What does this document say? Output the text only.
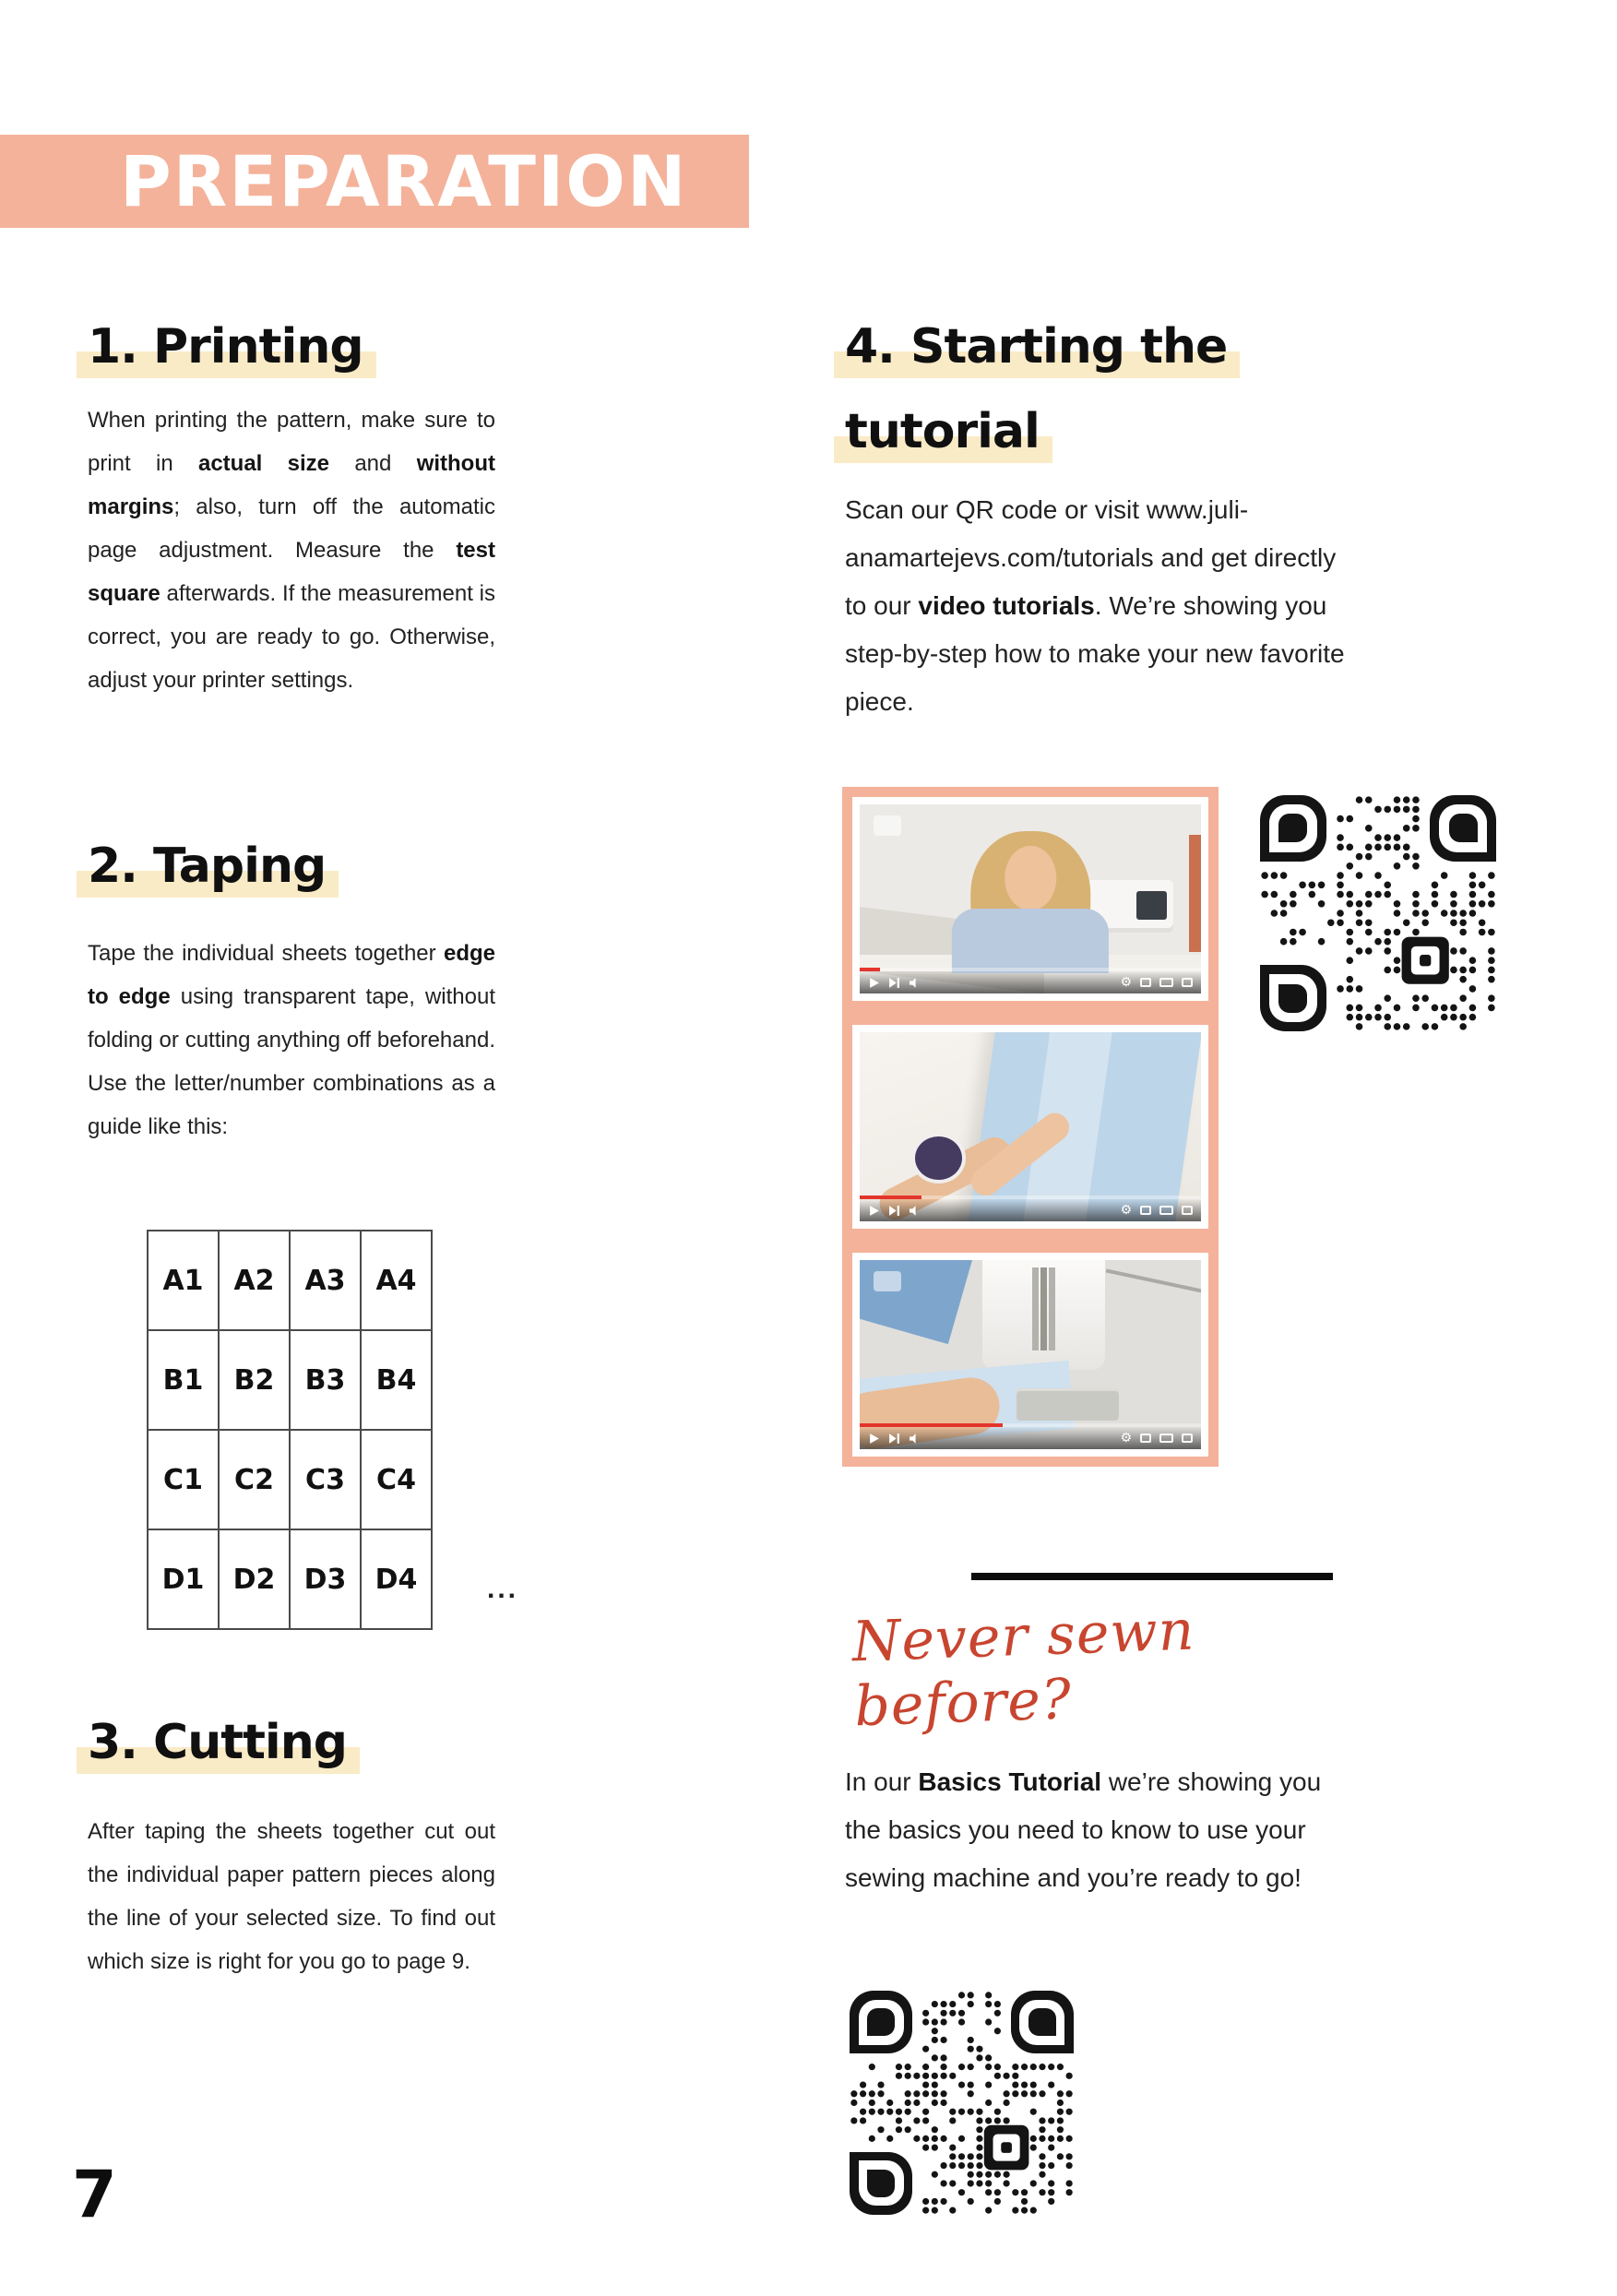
PREPARATION
1. Printing

When printing the pattern, make sure to print in actual size and without margins; also, turn off the automatic page adjustment. Measure the test square afterwards. If the measurement is correct, you are ready to go. Otherwise, adjust your printer settings.

2. Taping

Tape the individual sheets together edge to edge using transparent tape, without folding or cutting anything off beforehand. Use the letter/number combinations as a guide like this:

A1	A2	A3	A4
B1	B2	B3	B4
C1	C2	C3	C4
D1	D2	D3	D4	...
3. Cutting

After taping the sheets together cut out the individual paper pattern pieces along the line of your selected size. To find out which size is right for you go to page 9.

7
4. Starting the tutorial

Scan our QR code or visit www.juli-anamartejevs.com/tutorials and get directly to our video tutorials. We’re showing you step-by-step how to make your new favorite piece.

⚙
⚙
⚙
Never sewn before?

In our Basics Tutorial we’re showing you the basics you need to know to use your sewing machine and you’re ready to go!
